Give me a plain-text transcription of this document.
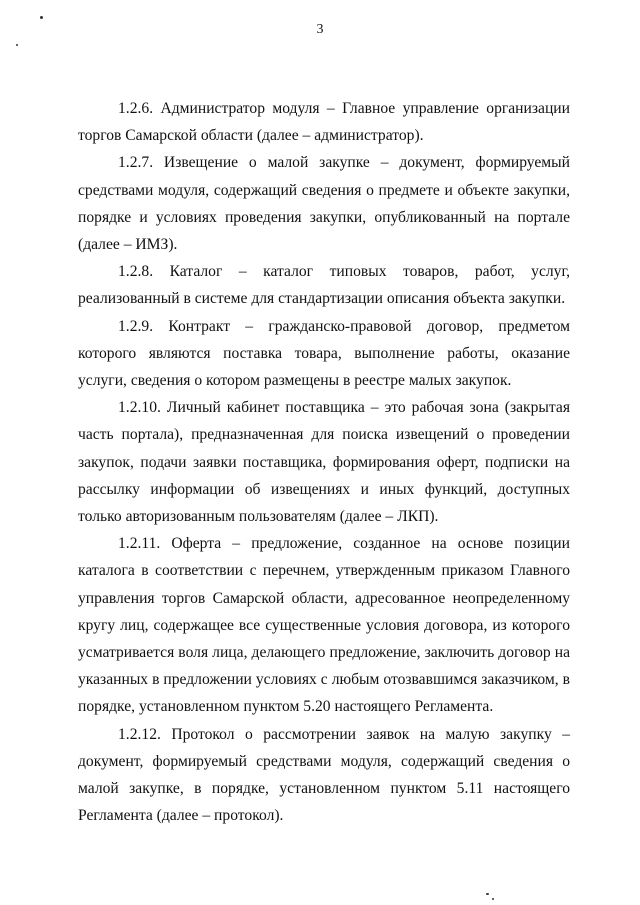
3

1.2.6. Администратор модуля – Главное управление организации торгов Самарской области (далее – администратор).

1.2.7. Извещение о малой закупке – документ, формируемый средствами модуля, содержащий сведения о предмете и объекте закупки, порядке и условиях проведения закупки, опубликованный на портале (далее – ИМЗ).

1.2.8. Каталог – каталог типовых товаров, работ, услуг, реализованный в системе для стандартизации описания объекта закупки.

1.2.9. Контракт – гражданско-правовой договор, предметом которого являются поставка товара, выполнение работы, оказание услуги, сведения о котором размещены в реестре малых закупок.

1.2.10. Личный кабинет поставщика – это рабочая зона (закрытая часть портала), предназначенная для поиска извещений о проведении закупок, подачи заявки поставщика, формирования оферт, подписки на рассылку информации об извещениях и иных функций, доступных только авторизованным пользователям (далее – ЛКП).

1.2.11. Оферта – предложение, созданное на основе позиции каталога в соответствии с перечнем, утвержденным приказом Главного управления торгов Самарской области, адресованное неопределенному кругу лиц, содержащее все существенные условия договора, из которого усматривается воля лица, делающего предложение, заключить договор на указанных в предложении условиях с любым отозвавшимся заказчиком, в порядке, установленном пунктом 5.20 настоящего Регламента.

1.2.12. Протокол о рассмотрении заявок на малую закупку – документ, формируемый средствами модуля, содержащий сведения о малой закупке, в порядке, установленном пунктом 5.11 настоящего Регламента (далее – протокол).
